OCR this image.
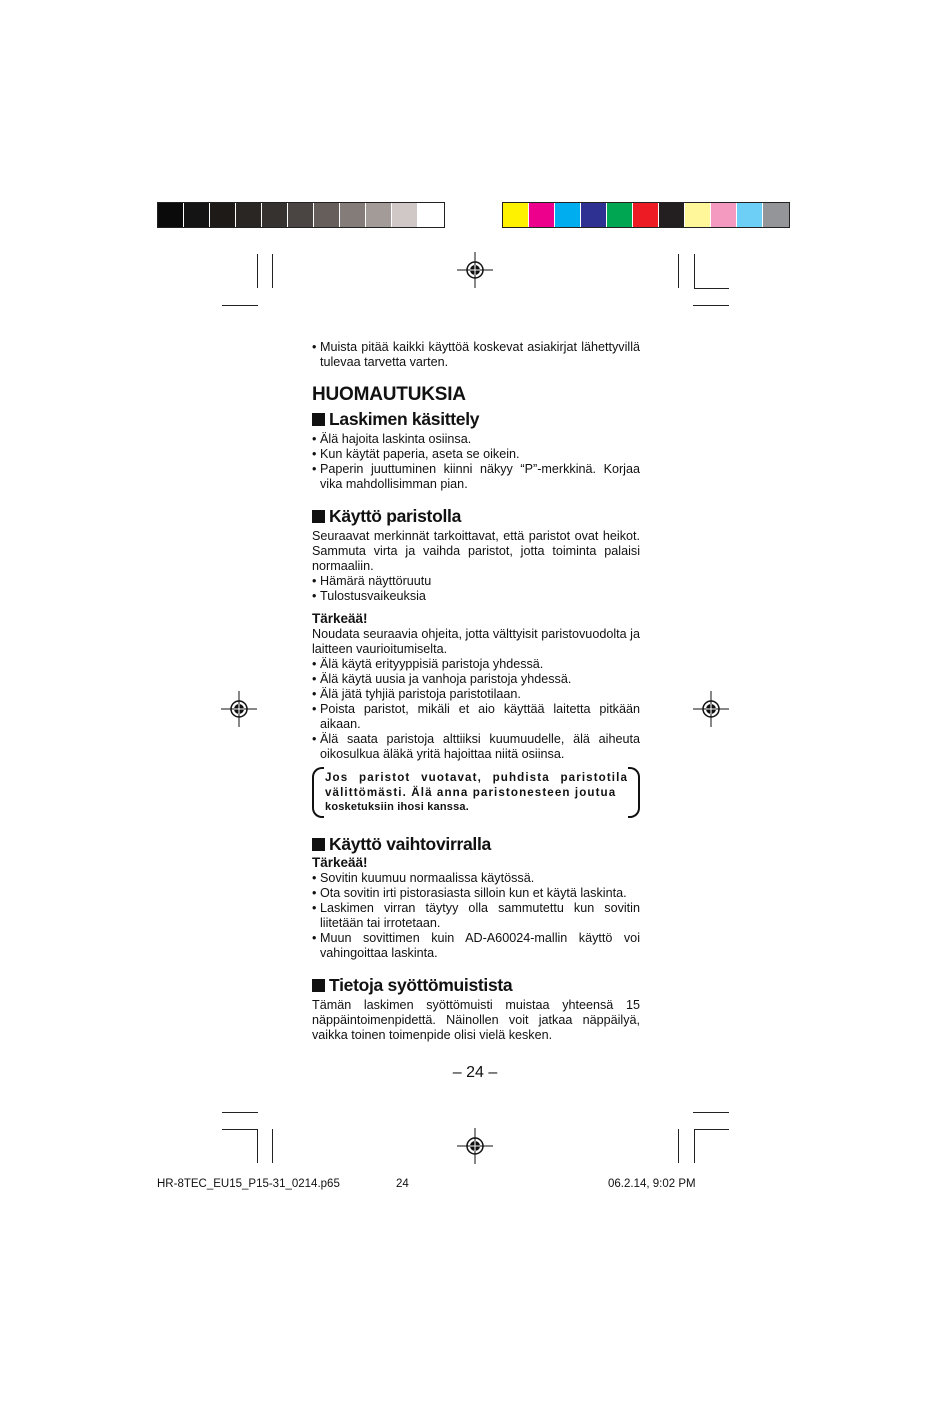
• Muista pitää kaikki käyttöä koskevat asiakirjat lähettyvillä tulevaa tarvetta varten.
HUOMAUTUKSIA
Laskimen käsittely
• Älä hajoita laskinta osiinsa.
• Kun käytät paperia, aseta se oikein.
• Paperin juuttuminen kiinni näkyy “P”-merkkinä. Korjaa vika mahdollisimman pian.
Käyttö paristolla

Seuraavat merkinnät tarkoittavat, että paristot ovat heikot. Sammuta virta ja vaihda paristot, jotta toiminta palaisi normaaliin.

• Hämärä näyttöruutu
• Tulostusvaikeuksia
Tärkeää!

Noudata seuraavia ohjeita, jotta välttyisit paristovuodolta ja laitteen vaurioitumiselta.

• Älä käytä erityyppisiä paristoja yhdessä.
• Älä käytä uusia ja vanhoja paristoja yhdessä.
• Älä jätä tyhjiä paristoja paristotilaan.
• Poista paristot, mikäli et aio käyttää laitetta pitkään aikaan.
• Älä saata paristoja alttiiksi kuumuudelle, älä aiheuta oikosulkua äläkä yritä hajoittaa niitä osiinsa.
Jos paristot vuotavat, puhdista paristotila välittömästi. Älä anna paristonesteen joutua
kosketuksiin ihosi kanssa.
Käyttö vaihtovirralla
Tärkeää!
• Sovitin kuumuu normaalissa käytössä.
• Ota sovitin irti pistorasiasta silloin kun et käytä laskinta.
• Laskimen virran täytyy olla sammutettu kun sovitin liitetään tai irrotetaan.
• Muun sovittimen kuin AD-A60024-mallin käyttö voi vahingoittaa laskinta.
Tietoja syöttömuistista

Tämän laskimen syöttömuisti muistaa yhteensä 15 näppäintoimenpidettä. Näinollen voit jatkaa näppäilyä, vaikka toinen toimenpide olisi vielä kesken.

– 24 –
HR-8TEC_EU15_P15-31_0214.p65	24	06.2.14, 9:02 PM
